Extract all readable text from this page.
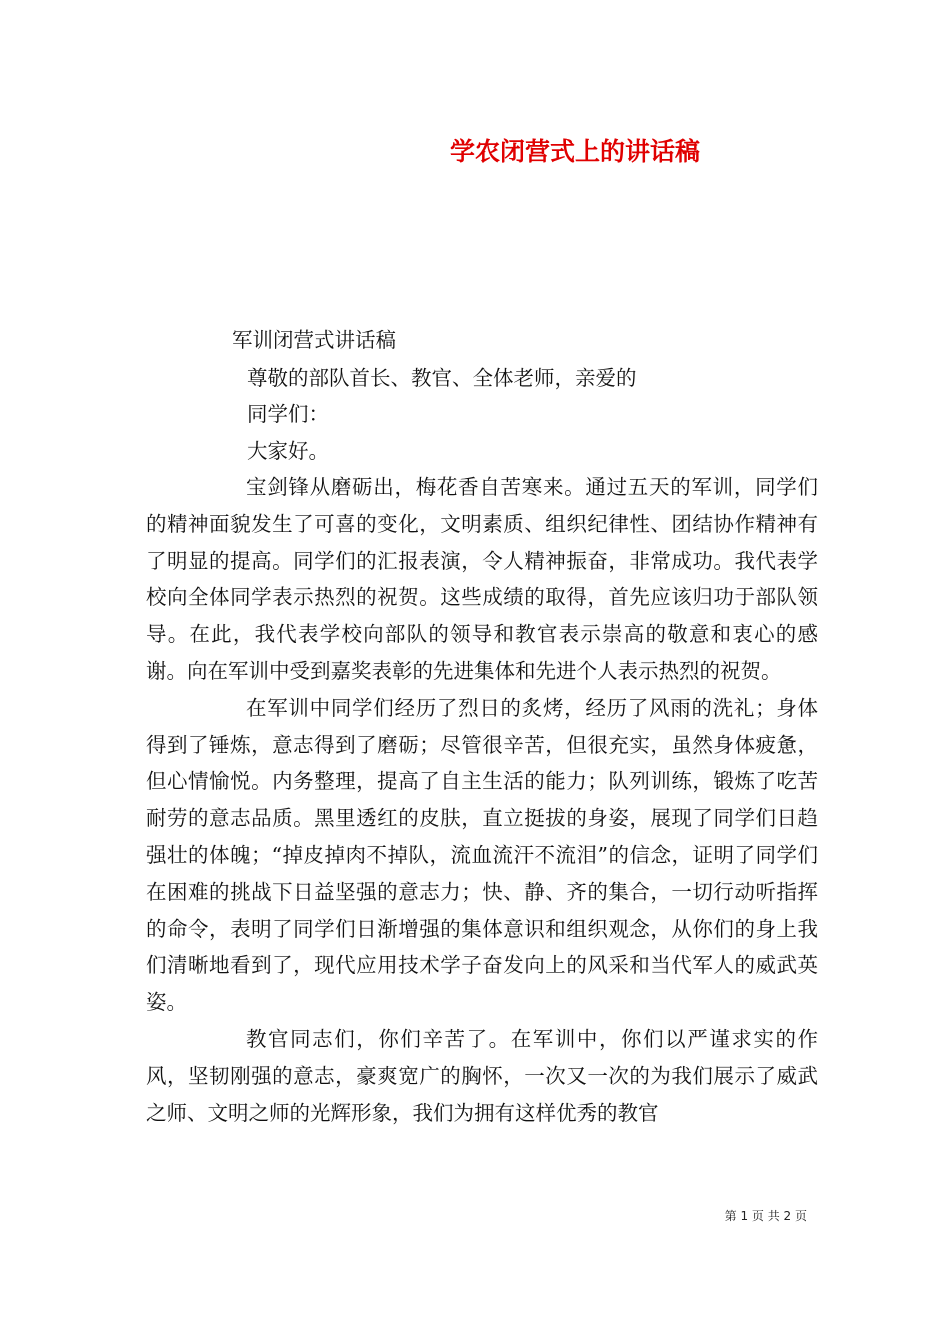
学农闭营式上的讲话稿
军训闭营式讲话稿
尊敬的部队首长、教官、全体老师，亲爱的
同学们：
大家好。

宝剑锋从磨砺出，梅花香自苦寒来。通过五天的军训，同学们的精神面貌发生了可喜的变化，文明素质、组织纪律性、团结协作精神有了明显的提高。同学们的汇报表演，令人精神振奋，非常成功。我代表学校向全体同学表示热烈的祝贺。这些成绩的取得，首先应该归功于部队领导。在此，我代表学校向部队的领导和教官表示崇高的敬意和衷心的感谢。向在军训中受到嘉奖表彰的先进集体和先进个人表示热烈的祝贺。

在军训中同学们经历了烈日的炙烤，经历了风雨的洗礼；身体得到了锤炼，意志得到了磨砺；尽管很辛苦，但很充实，虽然身体疲惫，但心情愉悦。内务整理，提高了自主生活的能力；队列训练，锻炼了吃苦耐劳的意志品质。黑里透红的皮肤，直立挺拔的身姿，展现了同学们日趋强壮的体魄；“掉皮掉肉不掉队，流血流汗不流泪”的信念，证明了同学们在困难的挑战下日益坚强的意志力；快、静、齐的集合，一切行动听指挥的命令，表明了同学们日渐增强的集体意识和组织观念，从你们的身上我们清晰地看到了，现代应用技术学子奋发向上的风采和当代军人的威武英姿。

教官同志们，你们辛苦了。在军训中，你们以严谨求实的作风，坚韧刚强的意志，豪爽宽广的胸怀，一次又一次的为我们展示了威武之师、文明之师的光辉形象，我们为拥有这样优秀的教官

第 1 页 共 2 页
